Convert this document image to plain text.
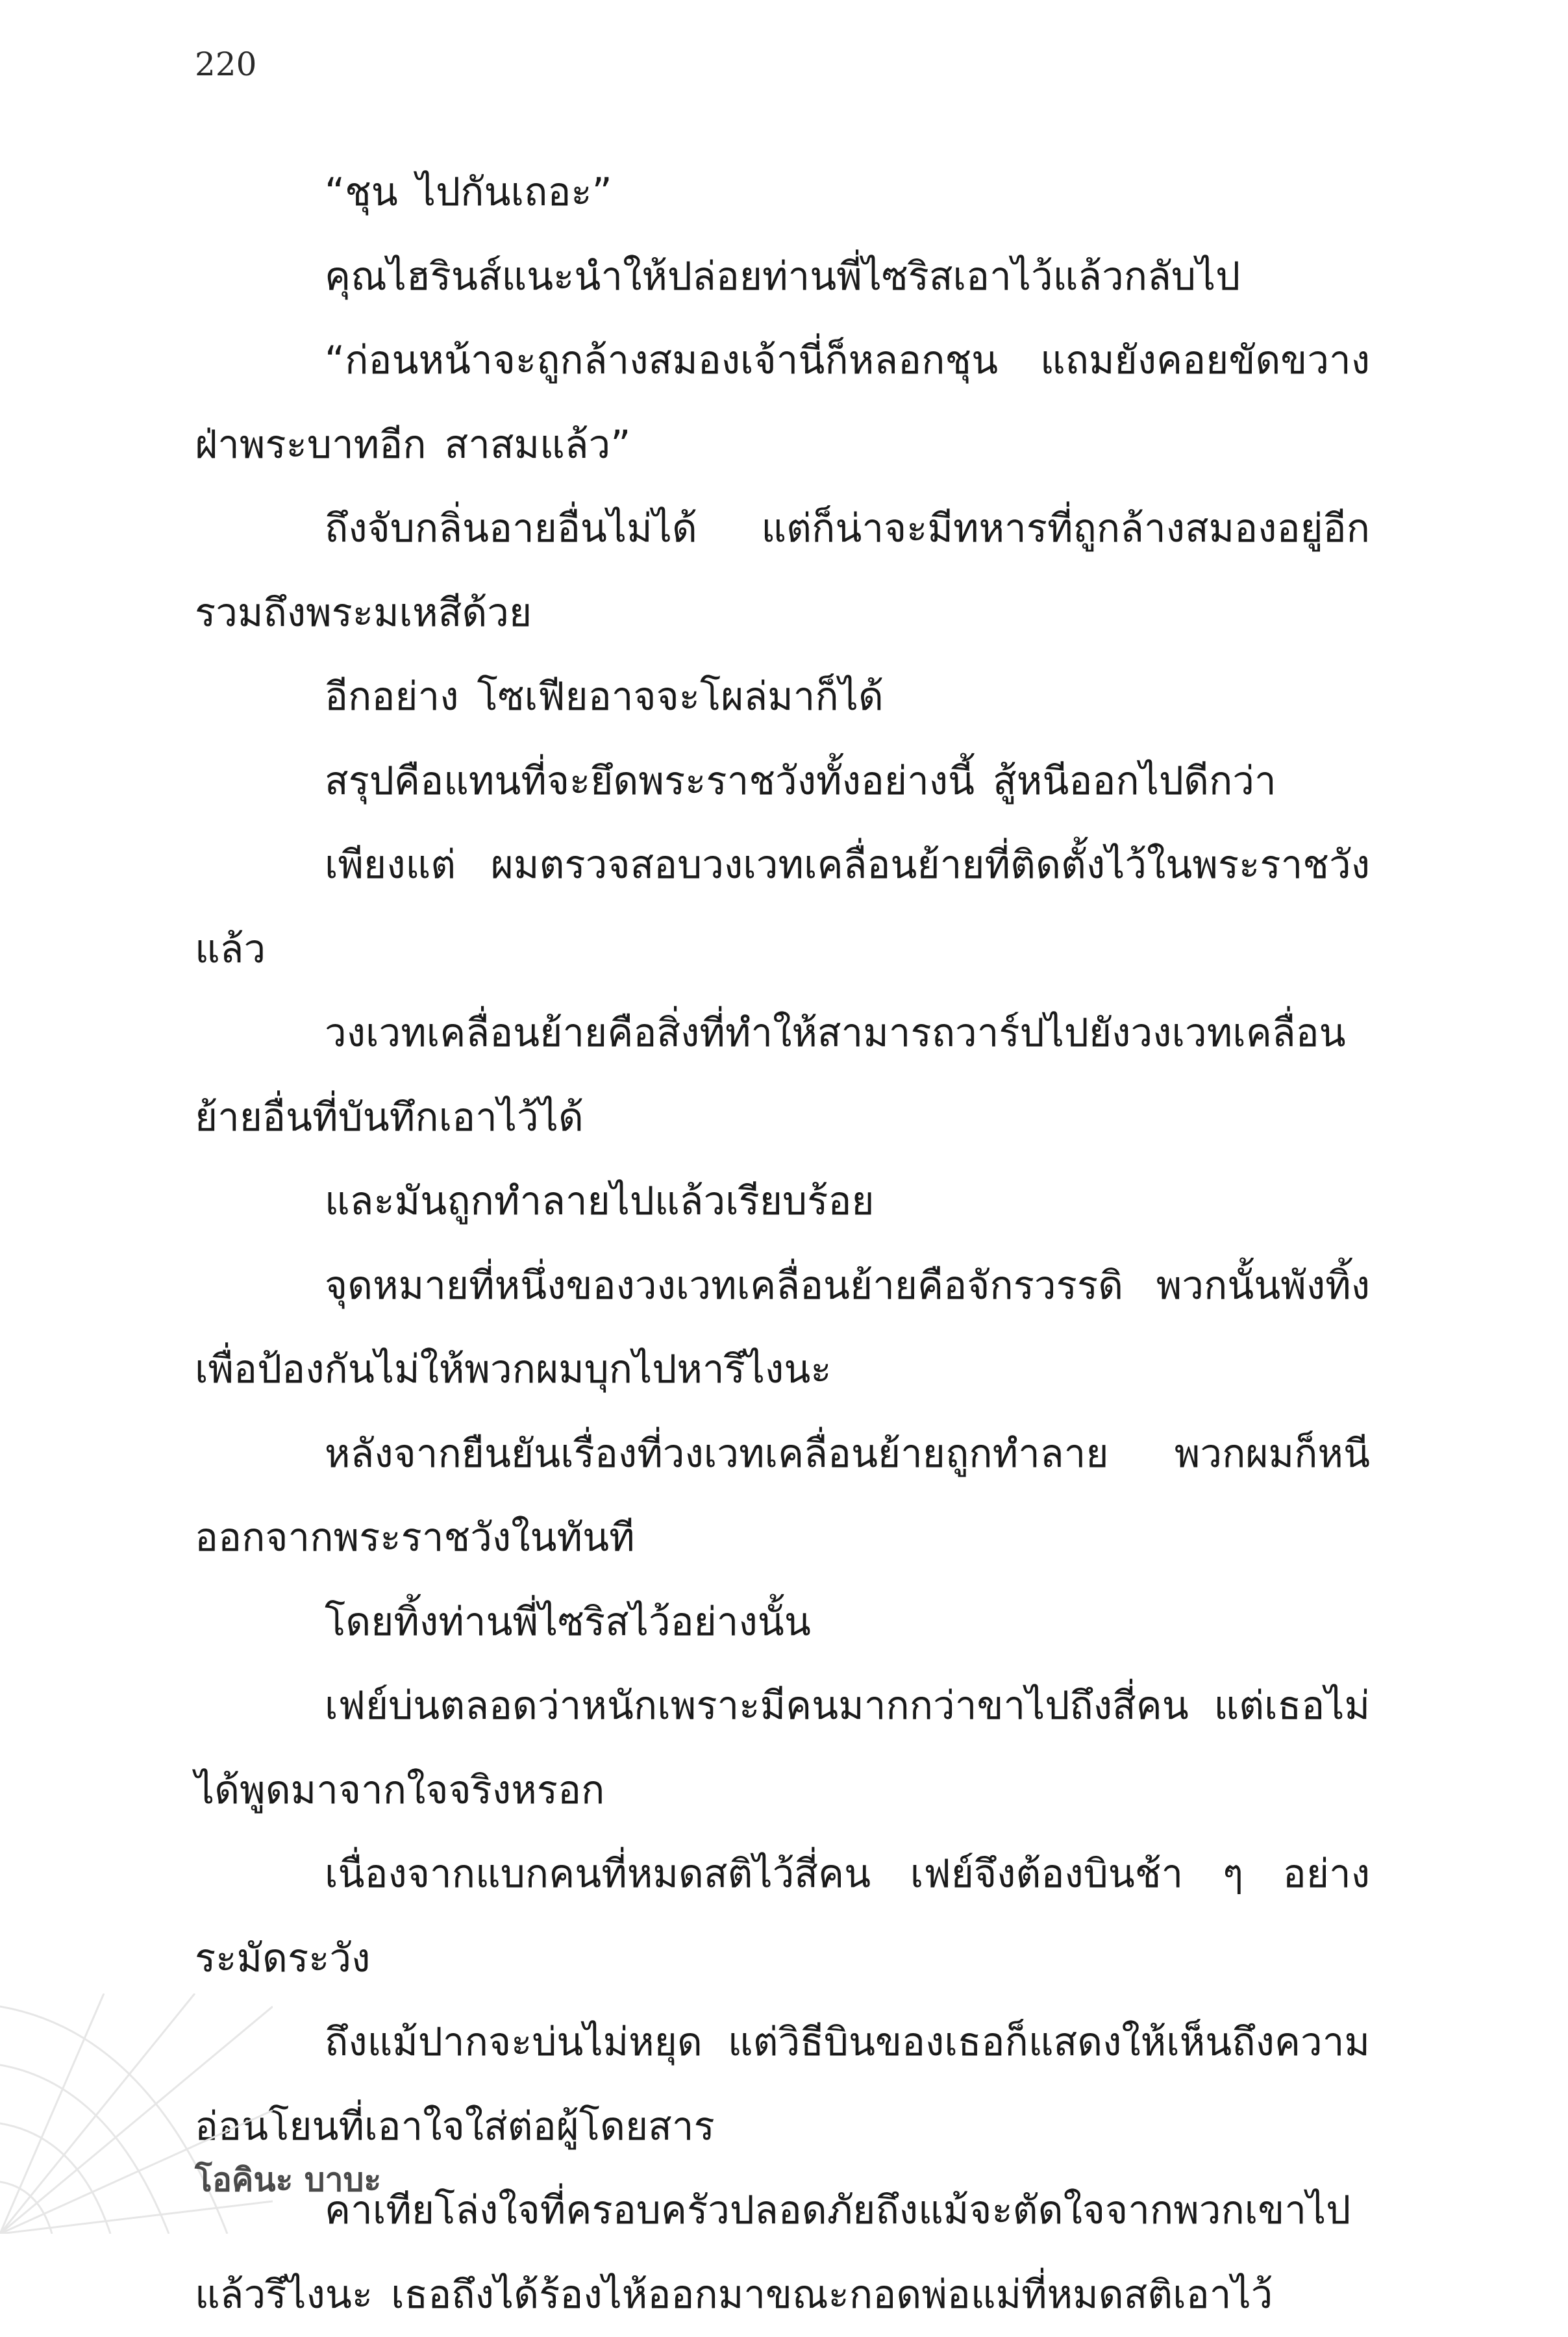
220

“ชุน ไปกันเถอะ”

คุณไฮรินส์แนะนำให้ปล่อยท่านพี่ไซริสเอาไว้แล้วกลับไป

“ก่อนหน้าจะถูกล้างสมองเจ้านี่ก็หลอกชุน แถมยังคอยขัดขวางฝ่าพระบาทอีก สาสมแล้ว”

ถึงจับกลิ่นอายอื่นไม่ได้ แต่ก็น่าจะมีทหารที่ถูกล้างสมองอยู่อีกรวมถึงพระมเหสีด้วย

อีกอย่าง โซเฟียอาจจะโผล่มาก็ได้

สรุปคือแทนที่จะยึดพระราชวังทั้งอย่างนี้ สู้หนีออกไปดีกว่า

เพียงแต่ ผมตรวจสอบวงเวทเคลื่อนย้ายที่ติดตั้งไว้ในพระราชวังแล้ว

วงเวทเคลื่อนย้ายคือสิ่งที่ทำให้สามารถวาร์ปไปยังวงเวทเคลื่อนย้ายอื่นที่บันทึกเอาไว้ได้

และมันถูกทำลายไปแล้วเรียบร้อย

จุดหมายที่หนึ่งของวงเวทเคลื่อนย้ายคือจักรวรรดิ พวกนั้นพังทิ้งเพื่อป้องกันไม่ให้พวกผมบุกไปหารึไงนะ

หลังจากยืนยันเรื่องที่วงเวทเคลื่อนย้ายถูกทำลาย พวกผมก็หนีออกจากพระราชวังในทันที

โดยทิ้งท่านพี่ไซริสไว้อย่างนั้น

เฟย์บ่นตลอดว่าหนักเพราะมีคนมากกว่าขาไปถึงสี่คน แต่เธอไม่ได้พูดมาจากใจจริงหรอก

เนื่องจากแบกคนที่หมดสติไว้สี่คน เฟย์จึงต้องบินช้า ๆ อย่างระมัดระวัง

ถึงแม้ปากจะบ่นไม่หยุด แต่วิธีบินของเธอก็แสดงให้เห็นถึงความอ่อนโยนที่เอาใจใส่ต่อผู้โดยสาร

คาเทียโล่งใจที่ครอบครัวปลอดภัยถึงแม้จะตัดใจจากพวกเขาไปแล้วรึไงนะ เธอถึงได้ร้องไห้ออกมาขณะกอดพ่อแม่ที่หมดสติเอาไว้

โอคินะ บาบะ
